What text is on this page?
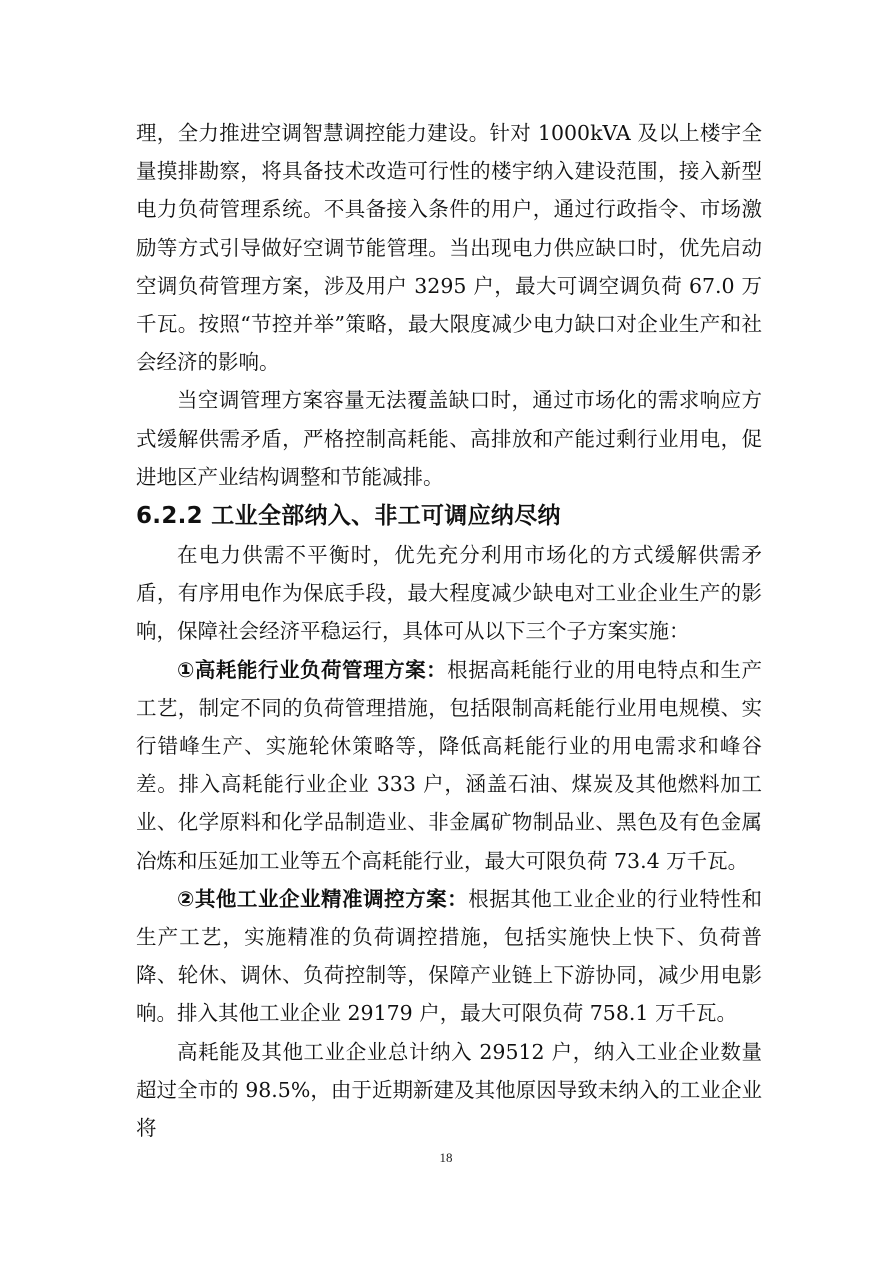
理，全力推进空调智慧调控能力建设。针对 1000kVA 及以上楼宇全量摸排勘察，将具备技术改造可行性的楼宇纳入建设范围，接入新型电力负荷管理系统。不具备接入条件的用户，通过行政指令、市场激励等方式引导做好空调节能管理。当出现电力供应缺口时，优先启动空调负荷管理方案，涉及用户 3295 户，最大可调空调负荷 67.0 万千瓦。按照“节控并举”策略，最大限度减少电力缺口对企业生产和社会经济的影响。

当空调管理方案容量无法覆盖缺口时，通过市场化的需求响应方式缓解供需矛盾，严格控制高耗能、高排放和产能过剩行业用电，促进地区产业结构调整和节能减排。

6.2.2 工业全部纳入、非工可调应纳尽纳

在电力供需不平衡时，优先充分利用市场化的方式缓解供需矛盾，有序用电作为保底手段，最大程度减少缺电对工业企业生产的影响，保障社会经济平稳运行，具体可从以下三个子方案实施：

①高耗能行业负荷管理方案：根据高耗能行业的用电特点和生产工艺，制定不同的负荷管理措施，包括限制高耗能行业用电规模、实行错峰生产、实施轮休策略等，降低高耗能行业的用电需求和峰谷差。排入高耗能行业企业 333 户，涵盖石油、煤炭及其他燃料加工业、化学原料和化学品制造业、非金属矿物制品业、黑色及有色金属冶炼和压延加工业等五个高耗能行业，最大可限负荷 73.4 万千瓦。

②其他工业企业精准调控方案：根据其他工业企业的行业特性和生产工艺，实施精准的负荷调控措施，包括实施快上快下、负荷普降、轮休、调休、负荷控制等，保障产业链上下游协同，减少用电影响。排入其他工业企业 29179 户，最大可限负荷 758.1 万千瓦。

高耗能及其他工业企业总计纳入 29512 户，纳入工业企业数量超过全市的 98.5%，由于近期新建及其他原因导致未纳入的工业企业将

18
